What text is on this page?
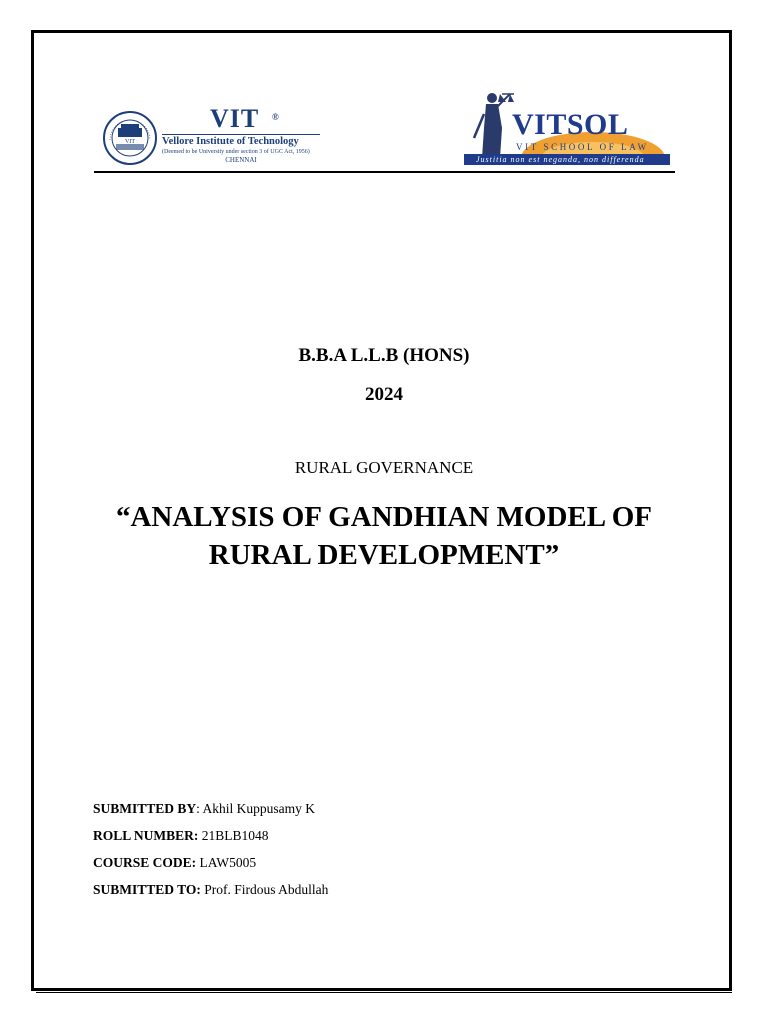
VIT
VIT ®
Vellore Institute of Technology
(Deemed to be University under section 3 of UGC Act, 1956)
CHENNAI
VITSOL
VIT SCHOOL OF LAW
Justitia non est neganda, non differenda
B.B.A L.L.B (HONS)
2024
RURAL GOVERNANCE
“ANALYSIS OF GANDHIAN MODEL OF
RURAL DEVELOPMENT”
SUBMITTED BY: Akhil Kuppusamy K
ROLL NUMBER: 21BLB1048
COURSE CODE: LAW5005
SUBMITTED TO: Prof. Firdous Abdullah
